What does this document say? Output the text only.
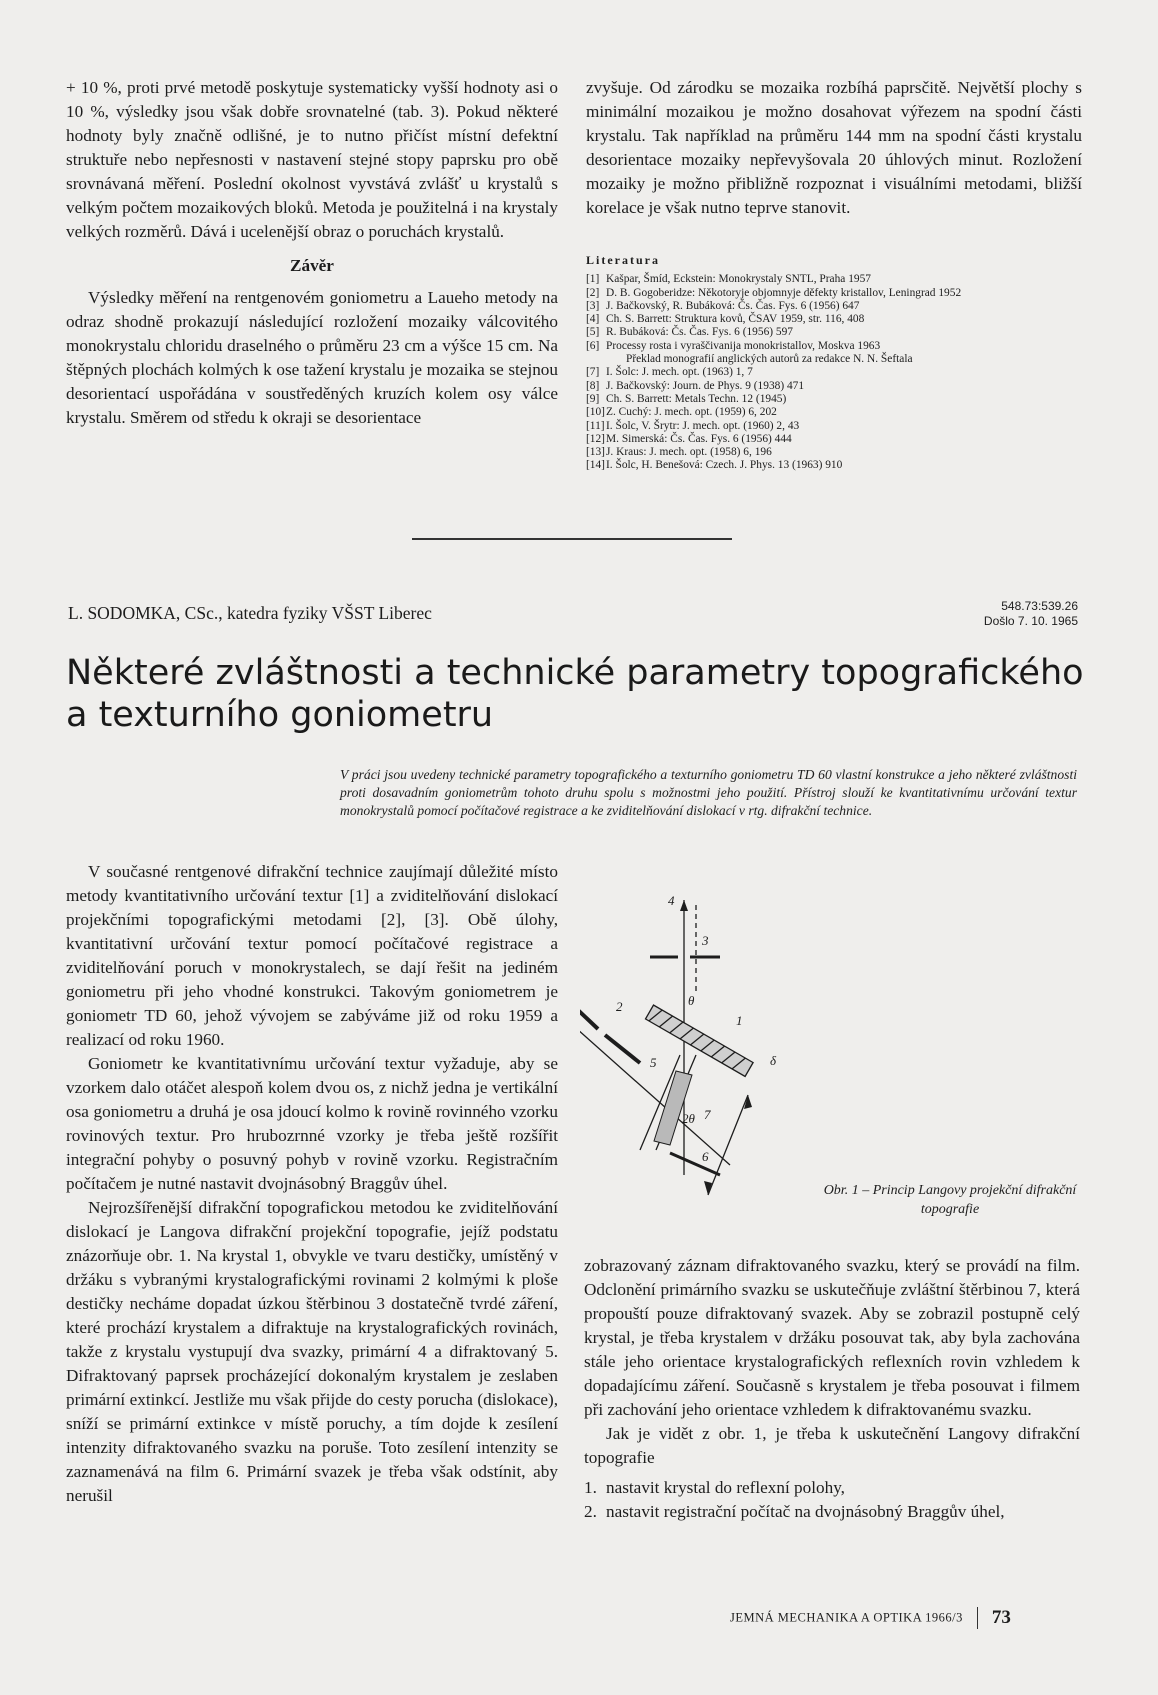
+ 10 %, proti prvé metodě poskytuje systematicky vyšší hodnoty asi o 10 %, výsledky jsou však dobře srovnatelné (tab. 3). Pokud některé hodnoty byly značně odlišné, je to nutno přičíst místní defektní struktuře nebo nepřesnosti v nastavení stejné stopy paprsku pro obě srovnávaná měření. Poslední okolnost vyvstává zvlášť u krystalů s velkým počtem mozaikových bloků. Metoda je použitelná i na krystaly velkých rozměrů. Dává i ucelenější obraz o poruchách krystalů.

Závěr

Výsledky měření na rentgenovém goniometru a Laueho metody na odraz shodně prokazují následující rozložení mozaiky válcovitého monokrystalu chloridu draselného o průměru 23 cm a výšce 15 cm. Na štěpných plochách kolmých k ose tažení krystalu je mozaika se stejnou desorientací uspořádána v soustředěných kruzích kolem osy válce krystalu. Směrem od středu k okraji se desorientace

zvyšuje. Od zárodku se mozaika rozbíhá paprsčitě. Největší plochy s minimální mozaikou je možno dosahovat výřezem na spodní části krystalu. Tak například na průměru 144 mm na spodní části krystalu desorientace mozaiky nepřevyšovala 20 úhlových minut. Rozložení mozaiky je možno přibližně rozpoznat i visuálními metodami, bližší korelace je však nutno teprve stanovit.

Literatura
[1] Kašpar, Šmíd, Eckstein: Monokrystaly SNTL, Praha 1957
[2] D. B. Gogoberidze: Někotoryje objomnyje děfekty kristallov, Leningrad 1952
[3] J. Bačkovský, R. Bubáková: Čs. Čas. Fys. 6 (1956) 647
[4] Ch. S. Barrett: Struktura kovů, ČSAV 1959, str. 116, 408
[5] R. Bubáková: Čs. Čas. Fys. 6 (1956) 597
[6] Processy rosta i vyraščivanija monokristallov, Moskva 1963
Překlad monografií anglických autorů za redakce N. N. Šeftala
[7] I. Šolc: J. mech. opt. (1963) 1, 7
[8] J. Bačkovský: Journ. de Phys. 9 (1938) 471
[9] Ch. S. Barrett: Metals Techn. 12 (1945)
[10] Z. Cuchý: J. mech. opt. (1959) 6, 202
[11] I. Šolc, V. Šrytr: J. mech. opt. (1960) 2, 43
[12] M. Simerská: Čs. Čas. Fys. 6 (1956) 444
[13] J. Kraus: J. mech. opt. (1958) 6, 196
[14] I. Šolc, H. Benešová: Czech. J. Phys. 13 (1963) 910
L. SODOMKA, CSc., katedra fyziky VŠST Liberec	548.73:539.26
Došlo 7. 10. 1965
Některé zvláštnosti a technické parametry topografického a texturního goniometru
V práci jsou uvedeny technické parametry topografického a texturního goniometru TD 60 vlastní konstrukce a jeho některé zvláštnosti proti dosavadním goniometrům tohoto druhu spolu s možnostmi jeho použití. Přístroj slouží ke kvantitativnímu určování textur monokrystalů pomocí počítačové registrace a ke zviditelňování dislokací v rtg. difrakční technice.

V současné rentgenové difrakční technice zaujímají důležité místo metody kvantitativního určování textur [1] a zviditelňování dislokací projekčními topografickými metodami [2], [3]. Obě úlohy, kvantitativní určování textur pomocí počítačové registrace a zviditelňování poruch v monokrystalech, se dají řešit na jediném goniometru při jeho vhodné konstrukci. Takovým goniometrem je goniometr TD 60, jehož vývojem se zabýváme již od roku 1959 a realizací od roku 1960.

Goniometr ke kvantitativnímu určování textur vyžaduje, aby se vzorkem dalo otáčet alespoň kolem dvou os, z nichž jedna je vertikální osa goniometru a druhá je osa jdoucí kolmo k rovině rovinného vzorku rovinových textur. Pro hrubozrnné vzorky je třeba ještě rozšířit integrační pohyby o posuvný pohyb v rovině vzorku. Registračním počítačem je nutné nastavit dvojnásobný Braggův úhel.

Nejrozšířenější difrakční topografickou metodou ke zviditelňování dislokací je Langova difrakční projekční topografie, jejíž podstatu znázorňuje obr. 1. Na krystal 1, obvykle ve tvaru destičky, umístěný v držáku s vybranými krystalografickými rovinami 2 kolmými k ploše destičky necháme dopadat úzkou štěrbinou 3 dostatečně tvrdé záření, které prochází krystalem a difraktuje na krystalografických rovinách, takže z krystalu vystupují dva svazky, primární 4 a difraktovaný 5. Difraktovaný paprsek procházející dokonalým krystalem je zeslaben primární extinkcí. Jestliže mu však přijde do cesty porucha (dislokace), sníží se primární extinkce v místě poruchy, a tím dojde k zesílení intenzity difraktovaného svazku na poruše. Toto zesílení intenzity se zaznamenává na film 6. Primární svazek je třeba však odstínit, aby nerušil

4
3
θ
2
1
5	δ
2θ 7
6
Obr. 1 – Princip Langovy projekční difrakční topografie

zobrazovaný záznam difraktovaného svazku, který se provádí na film. Odclonění primárního svazku se uskutečňuje zvláštní štěrbinou 7, která propouští pouze difraktovaný svazek. Aby se zobrazil postupně celý krystal, je třeba krystalem v držáku posouvat tak, aby byla zachována stále jeho orientace krystalografických reflexních rovin vzhledem k dopadajícímu záření. Současně s krystalem je třeba posouvat i filmem při zachování jeho orientace vzhledem k difraktovanému svazku.

Jak je vidět z obr. 1, je třeba k uskutečnění Langovy difrakční topografie

1. nastavit krystal do reflexní polohy,
2. nastavit registrační počítač na dvojnásobný Braggův úhel,
JEMNÁ MECHANIKA A OPTIKA 1966/3 73
